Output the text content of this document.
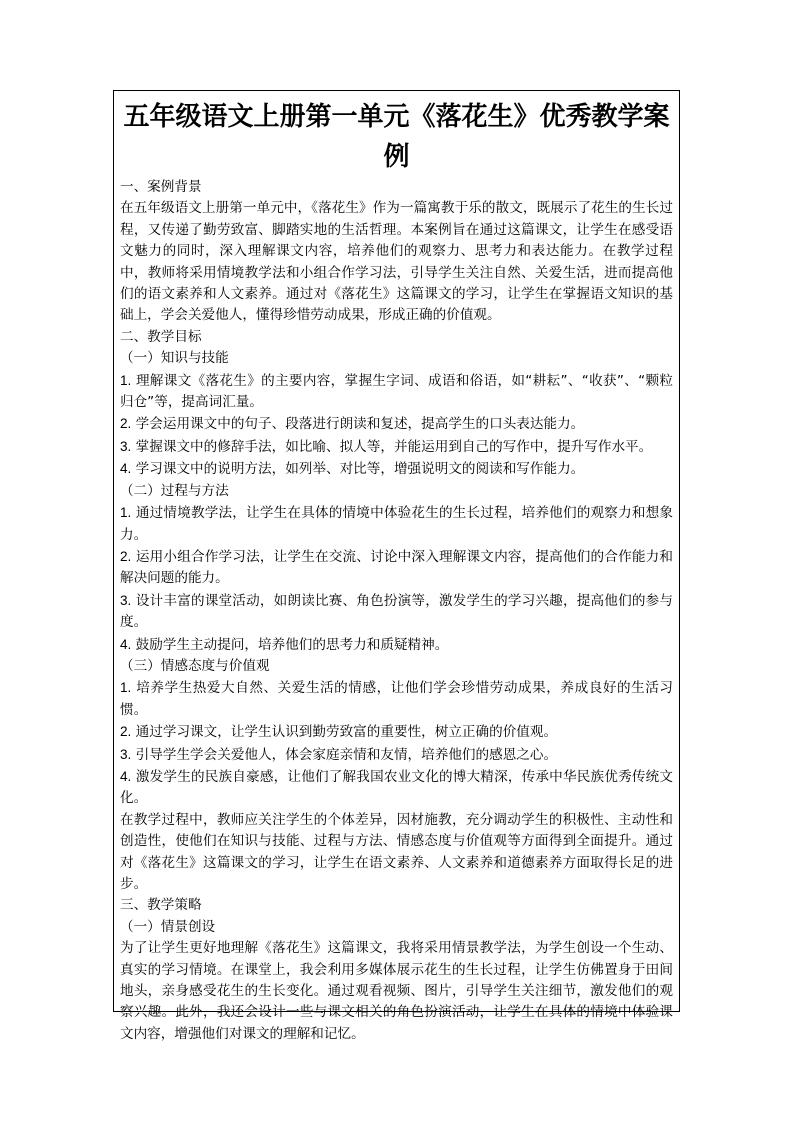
五年级语文上册第一单元《落花生》优秀教学案例

一、案例背景

在五年级语文上册第一单元中，《落花生》作为一篇寓教于乐的散文，既展示了花生的生长过程，又传递了勤劳致富、脚踏实地的生活哲理。本案例旨在通过这篇课文，让学生在感受语文魅力的同时，深入理解课文内容，培养他们的观察力、思考力和表达能力。在教学过程中，教师将采用情境教学法和小组合作学习法，引导学生关注自然、关爱生活，进而提高他们的语文素养和人文素养。通过对《落花生》这篇课文的学习，让学生在掌握语文知识的基础上，学会关爱他人，懂得珍惜劳动成果，形成正确的价值观。

二、教学目标

（一）知识与技能

1. 理解课文《落花生》的主要内容，掌握生字词、成语和俗语，如“耕耘”、“收获”、“颗粒归仓”等，提高词汇量。

2. 学会运用课文中的句子、段落进行朗读和复述，提高学生的口头表达能力。

3. 掌握课文中的修辞手法，如比喻、拟人等，并能运用到自己的写作中，提升写作水平。

4. 学习课文中的说明方法，如列举、对比等，增强说明文的阅读和写作能力。

（二）过程与方法

1. 通过情境教学法，让学生在具体的情境中体验花生的生长过程，培养他们的观察力和想象力。

2. 运用小组合作学习法，让学生在交流、讨论中深入理解课文内容，提高他们的合作能力和解决问题的能力。

3. 设计丰富的课堂活动，如朗读比赛、角色扮演等，激发学生的学习兴趣，提高他们的参与度。

4. 鼓励学生主动提问，培养他们的思考力和质疑精神。

（三）情感态度与价值观

1. 培养学生热爱大自然、关爱生活的情感，让他们学会珍惜劳动成果，养成良好的生活习惯。

2. 通过学习课文，让学生认识到勤劳致富的重要性，树立正确的价值观。

3. 引导学生学会关爱他人，体会家庭亲情和友情，培养他们的感恩之心。

4. 激发学生的民族自豪感，让他们了解我国农业文化的博大精深，传承中华民族优秀传统文化。

在教学过程中，教师应关注学生的个体差异，因材施教，充分调动学生的积极性、主动性和创造性，使他们在知识与技能、过程与方法、情感态度与价值观等方面得到全面提升。通过对《落花生》这篇课文的学习，让学生在语文素养、人文素养和道德素养方面取得长足的进步。

三、教学策略

（一）情景创设

为了让学生更好地理解《落花生》这篇课文，我将采用情景教学法，为学生创设一个生动、真实的学习情境。在课堂上，我会利用多媒体展示花生的生长过程，让学生仿佛置身于田间地头，亲身感受花生的生长变化。通过观看视频、图片，引导学生关注细节，激发他们的观察兴趣。此外，我还会设计一些与课文相关的角色扮演活动，让学生在具体的情境中体验课文内容，增强他们对课文的理解和记忆。
